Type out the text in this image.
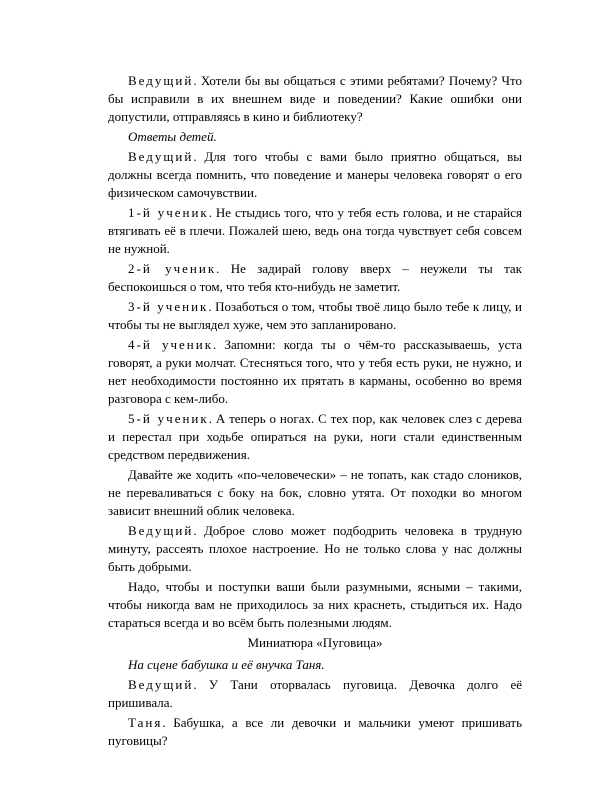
Ведущий. Хотели бы вы общаться с этими ребятами? Почему? Что бы исправили в их внешнем виде и поведении? Какие ошибки они допустили, отправляясь в кино и библиотеку?

Ответы детей.

Ведущий. Для того чтобы с вами было приятно общаться, вы должны всегда помнить, что поведение и манеры человека говорят о его физическом самочувствии.

1-й ученик. Не стыдись того, что у тебя есть голова, и не старайся втягивать её в плечи. Пожалей шею, ведь она тогда чувствует себя совсем не нужной.

2-й ученик. Не задирай голову вверх – неужели ты так беспокоишься о том, что тебя кто-нибудь не заметит.

3-й ученик. Позаботься о том, чтобы твоё лицо было тебе к лицу, и чтобы ты не выглядел хуже, чем это запланировано.

4-й ученик. Запомни: когда ты о чём-то рассказываешь, уста говорят, а руки молчат. Стесняться того, что у тебя есть руки, не нужно, и нет необходимости постоянно их прятать в карманы, особенно во время разговора с кем-либо.

5-й ученик. А теперь о ногах. С тех пор, как человек слез с дерева и перестал при ходьбе опираться на руки, ноги стали единственным средством передвижения.

Давайте же ходить «по-человечески» – не топать, как стадо слоников, не переваливаться с боку на бок, словно утята. От походки во многом зависит внешний облик человека.

Ведущий. Доброе слово может подбодрить человека в трудную минуту, рассеять плохое настроение. Но не только слова у нас должны быть добрыми.

Надо, чтобы и поступки ваши были разумными, ясными – такими, чтобы никогда вам не приходилось за них краснеть, стыдиться их. Надо стараться всегда и во всём быть полезными людям.

Миниатюра «Пуговица»

На сцене бабушка и её внучка Таня.

Ведущий. У Тани оторвалась пуговица. Девочка долго её пришивала.

Таня. Бабушка, а все ли девочки и мальчики умеют пришивать пуговицы?
